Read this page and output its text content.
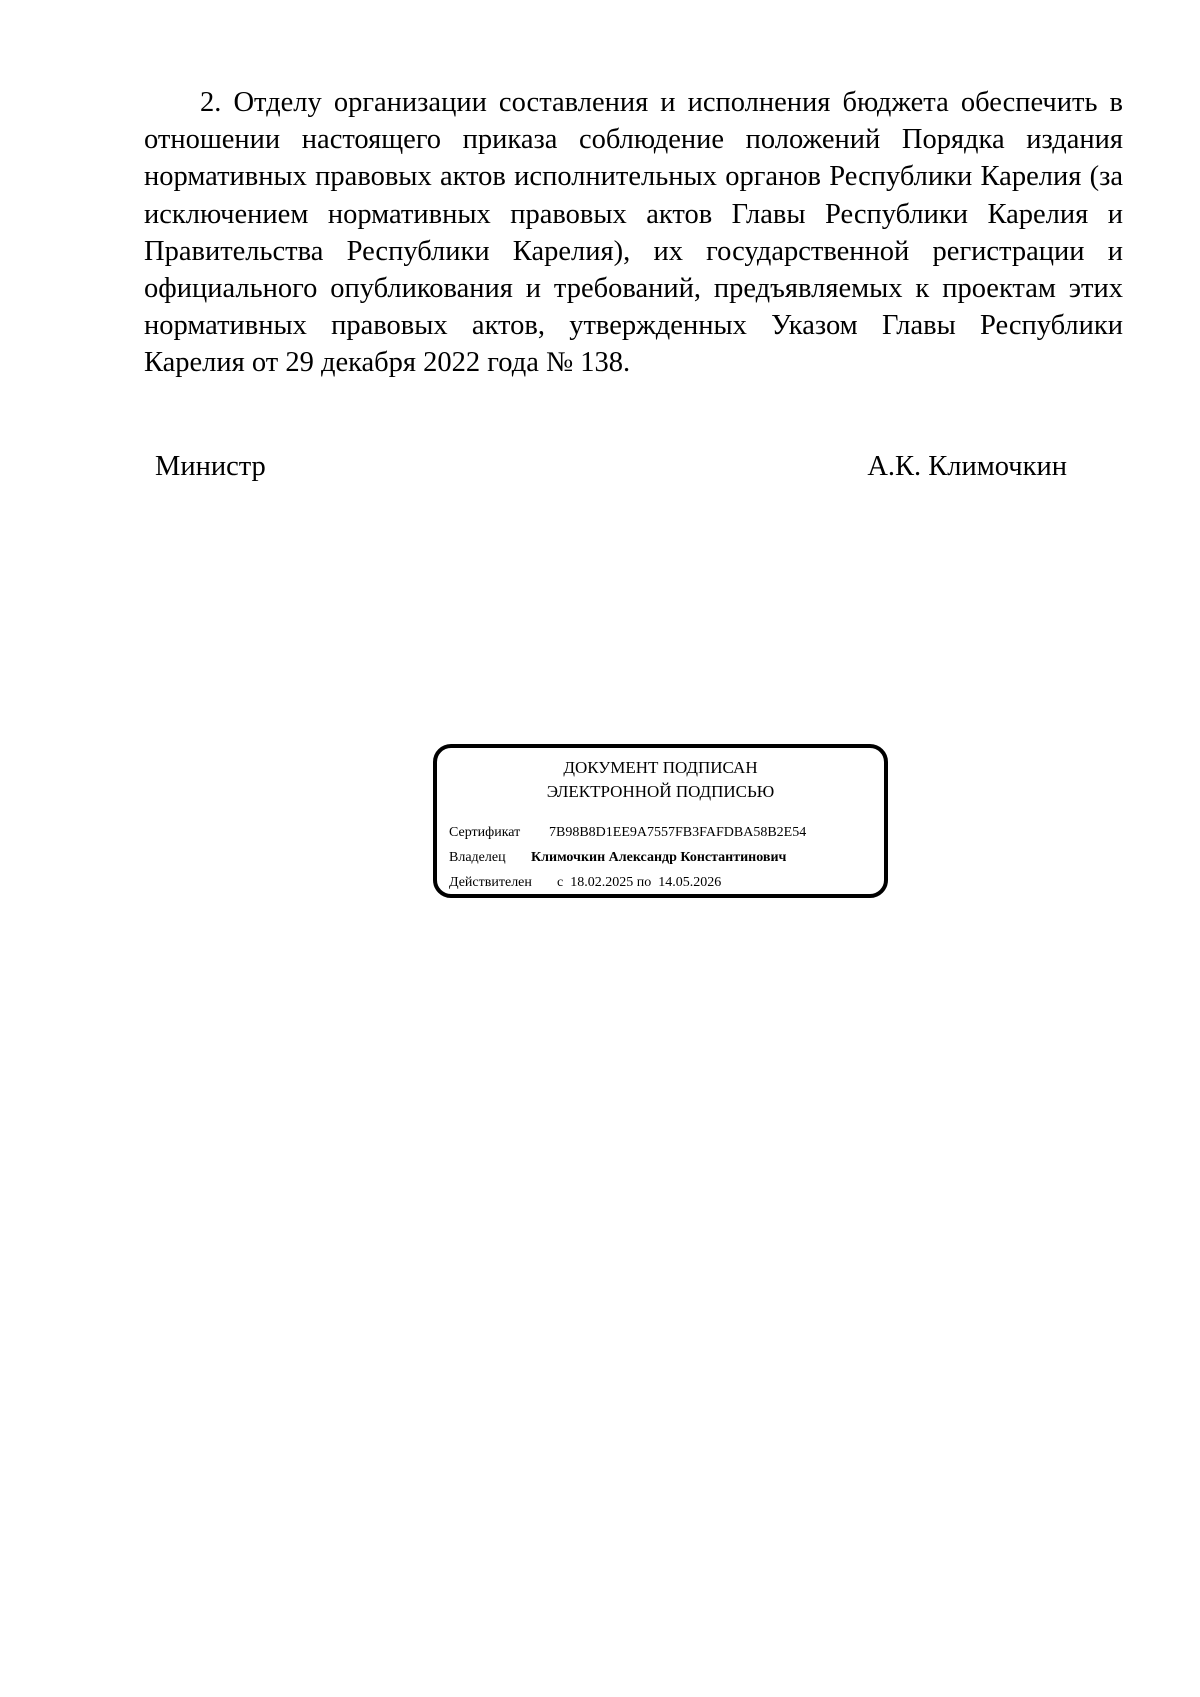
2. Отделу организации составления и исполнения бюджета обеспечить в отношении настоящего приказа соблюдение положений Порядка издания нормативных правовых актов исполнительных органов Республики Карелия (за исключением нормативных правовых актов Главы Республики Карелия и Правительства Республики Карелия), их государственной регистрации и официального опубликования и требований, предъявляемых к проектам этих нормативных правовых актов, утвержденных Указом Главы Республики Карелия от 29 декабря 2022 года № 138.

Министр	А.К. Климочкин
ДОКУМЕНТ ПОДПИСАН
ЭЛЕКТРОННОЙ ПОДПИСЬЮ
Сертификат 7B98B8D1EE9A7557FB3FAFDBA58B2E54
Владелец Климочкин Александр Константинович
Действителен с 18.02.2025 по 14.05.2026
